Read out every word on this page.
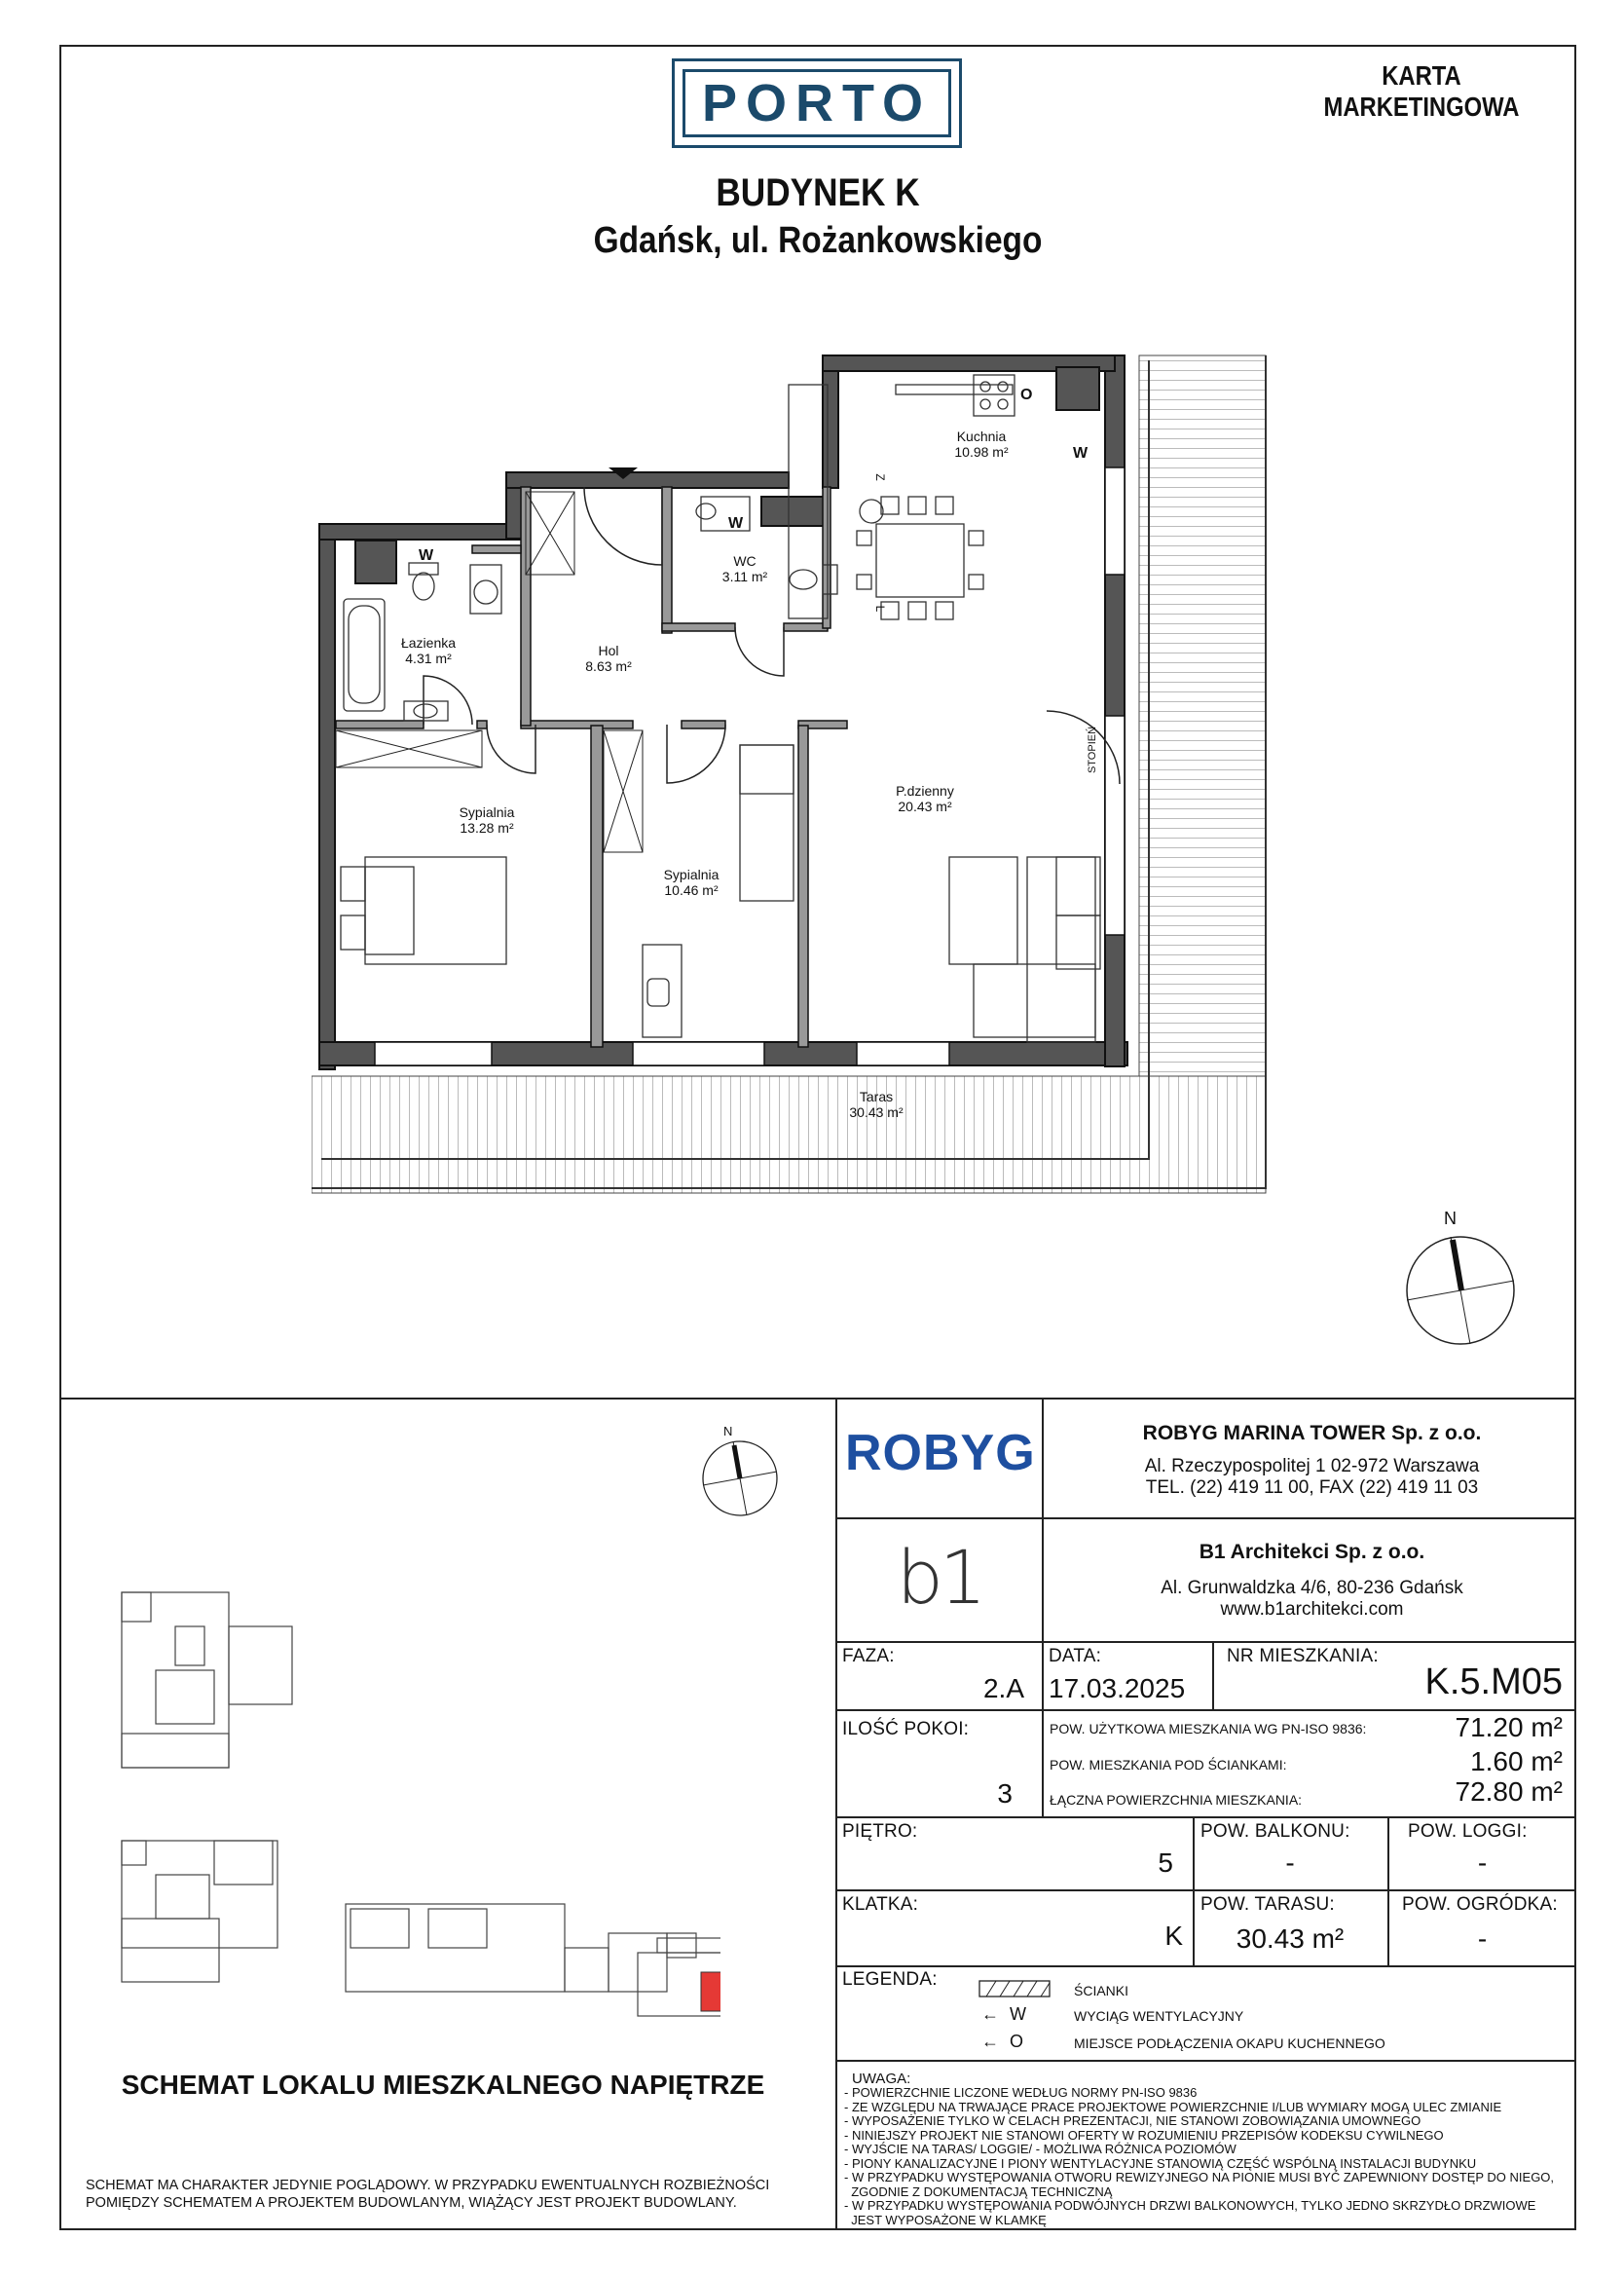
PORTO	KARTA MARKETINGOWA
BUDYNEK K
Gdańsk, ul. Rożankowskiego
W
W
W
O
Z
L
STOPIEŃ
Kuchnia
10.98 m²
WC
3.11 m²
Łazienka
4.31 m²	Hol
8.63 m²
Sypialnia
13.28 m²
Sypialnia
10.46 m²
P.dzienny
20.43 m²
Taras
30.43 m²
N
N
SCHEMAT LOKALU MIESZKALNEGO NAPIĘTRZE
SCHEMAT MA CHARAKTER JEDYNIE POGLĄDOWY. W PRZYPADKU EWENTUALNYCH ROZBIEŻNOŚCI
POMIĘDZY SCHEMATEM A PROJEKTEM BUDOWLANYM, WIĄŻĄCY JEST PROJEKT BUDOWLANY.
ROBYG	ROBYG MARINA TOWER Sp. z o.o.
Al. Rzeczypospolitej 1 02-972 Warszawa
TEL. (22) 419 11 00, FAX (22) 419 11 03
b1	B1 Architekci Sp. z o.o.
Al. Grunwaldzka 4/6, 80-236 Gdańsk
www.b1architekci.com
FAZA:
2.A
DATA:
17.03.2025
NR MIESZKANIA:
K.5.M05
ILOŚĆ POKOI:
3
POW. UŻYTKOWA MIESZKANIA WG PN-ISO 9836:	71.20 m²
POW. MIESZKANIA POD ŚCIANKAMI:	1.60 m²
ŁĄCZNA POWIERZCHNIA MIESZKANIA:	72.80 m²
PIĘTRO:
5
POW. BALKONU:
-
POW. LOGGI:
-
KLATKA:
K
POW. TARASU:
30.43 m²
POW. OGRÓDKA:
-
LEGENDA:
ŚCIANKI
← W	WYCIĄG WENTYLACYJNY
← O	MIEJSCE PODŁĄCZENIA OKAPU KUCHENNEGO
UWAGA:
- POWIERZCHNIE LICZONE WEDŁUG NORMY PN-ISO 9836
- ZE WZGLĘDU NA TRWAJĄCE PRACE PROJEKTOWE POWIERZCHNIE I/LUB WYMIARY MOGĄ ULEC ZMIANIE
- WYPOSAŻENIE TYLKO W CELACH PREZENTACJI, NIE STANOWI ZOBOWIĄZANIA UMOWNEGO
- NINIEJSZY PROJEKT NIE STANOWI OFERTY W ROZUMIENIU PRZEPISÓW KODEKSU CYWILNEGO
- WYJŚCIE NA TARAS/ LOGGIE/ - MOŻLIWA RÓŻNICA POZIOMÓW
- PIONY KANALIZACYJNE I PIONY WENTYLACYJNE STANOWIĄ CZĘŚĆ WSPÓLNĄ INSTALACJI BUDYNKU
- W PRZYPADKU WYSTĘPOWANIA OTWORU REWIZYJNEGO NA PIONIE MUSI BYĆ ZAPEWNIONY DOSTĘP DO NIEGO,
ZGODNIE Z DOKUMENTACJĄ TECHNICZNĄ
- W PRZYPADKU WYSTĘPOWANIA PODWÓJNYCH DRZWI BALKONOWYCH, TYLKO JEDNO SKRZYDŁO DRZWIOWE
JEST WYPOSAŻONE W KLAMKĘ
